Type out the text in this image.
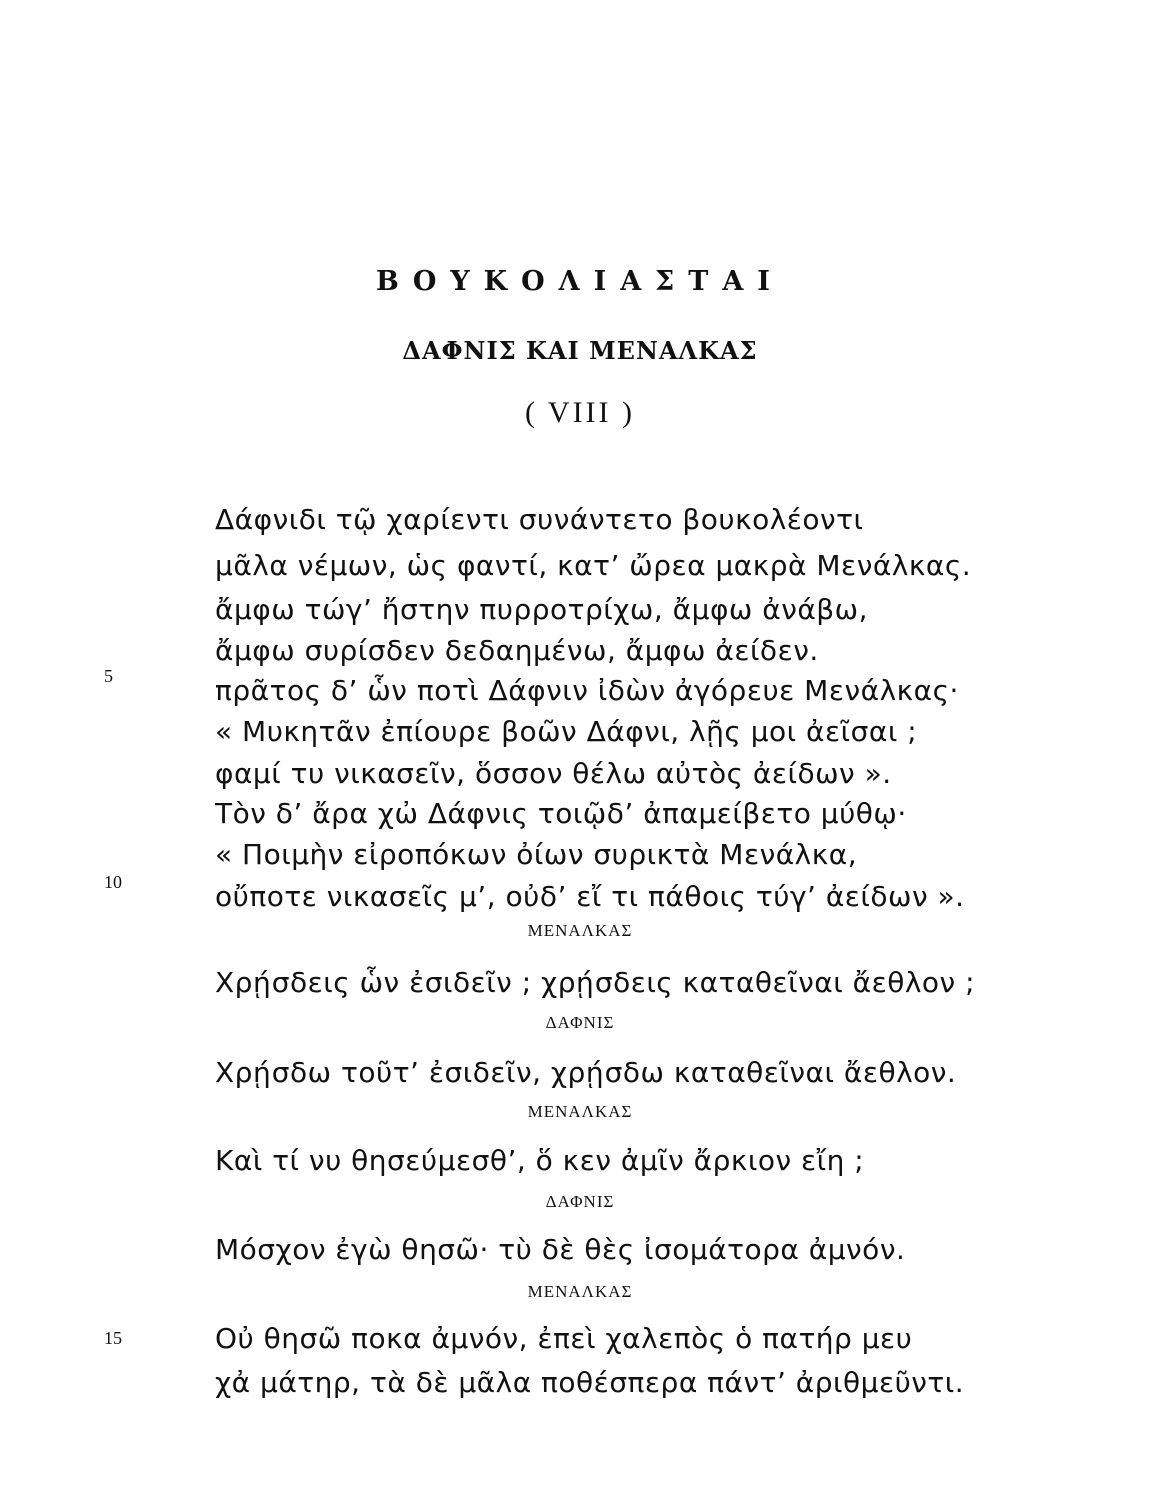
ΒΟΥΚΟΛΙΑΣΤΑΙ
ΔΑΦΝΙΣ ΚΑΙ ΜΕΝΑΛΚΑΣ
( VIII )
Δάφνιδι τῷ χαρίεντι συνάντετο βουκολέοντι
μᾶλα νέμων, ὡς φαντί, κατ’ ὤρεα μακρὰ Μενάλκας.
ἄμφω τώγ’ ἤστην πυρροτρίχω, ἄμφω ἀνάβω,
ἄμφω συρίσδεν δεδαημένω, ἄμφω ἀείδεν.
5	πρᾶτος δ’ ὧν ποτὶ Δάφνιν ἰδὼν ἀγόρευε Μενάλκας·
« Μυκητᾶν ἐπίουρε βοῶν Δάφνι, λῇς μοι ἀεῖσαι ;
φαμί τυ νικασεῖν, ὅσσον θέλω αὐτὸς ἀείδων ».
Τὸν δ’ ἄρα χὠ Δάφνις τοιῷδ’ ἀπαμείβετο μύθῳ·
« Ποιμὴν εἰροπόκων ὀίων συρικτὰ Μενάλκα,
10	οὔποτε νικασεῖς μ’, οὐδ’ εἴ τι πάθοις τύγ’ ἀείδων ».
ΜΕΝΑΛΚΑΣ
Χρῄσδεις ὧν ἐσιδεῖν ; χρῄσδεις καταθεῖναι ἄεθλον ;
ΔΑΦΝΙΣ
Χρῄσδω τοῦτ’ ἐσιδεῖν, χρῄσδω καταθεῖναι ἄεθλον.
ΜΕΝΑΛΚΑΣ
Καὶ τί νυ θησεύμεσθ’, ὅ κεν ἀμῖν ἄρκιον εἴη ;
ΔΑΦΝΙΣ
Μόσχον ἐγὼ θησῶ· τὺ δὲ θὲς ἰσομάτορα ἀμνόν.
ΜΕΝΑΛΚΑΣ
15	Οὐ θησῶ ποκα ἀμνόν, ἐπεὶ χαλεπὸς ὁ πατήρ μευ
χἀ μάτηρ, τὰ δὲ μᾶλα ποθέσπερα πάντ’ ἀριθμεῦντι.
